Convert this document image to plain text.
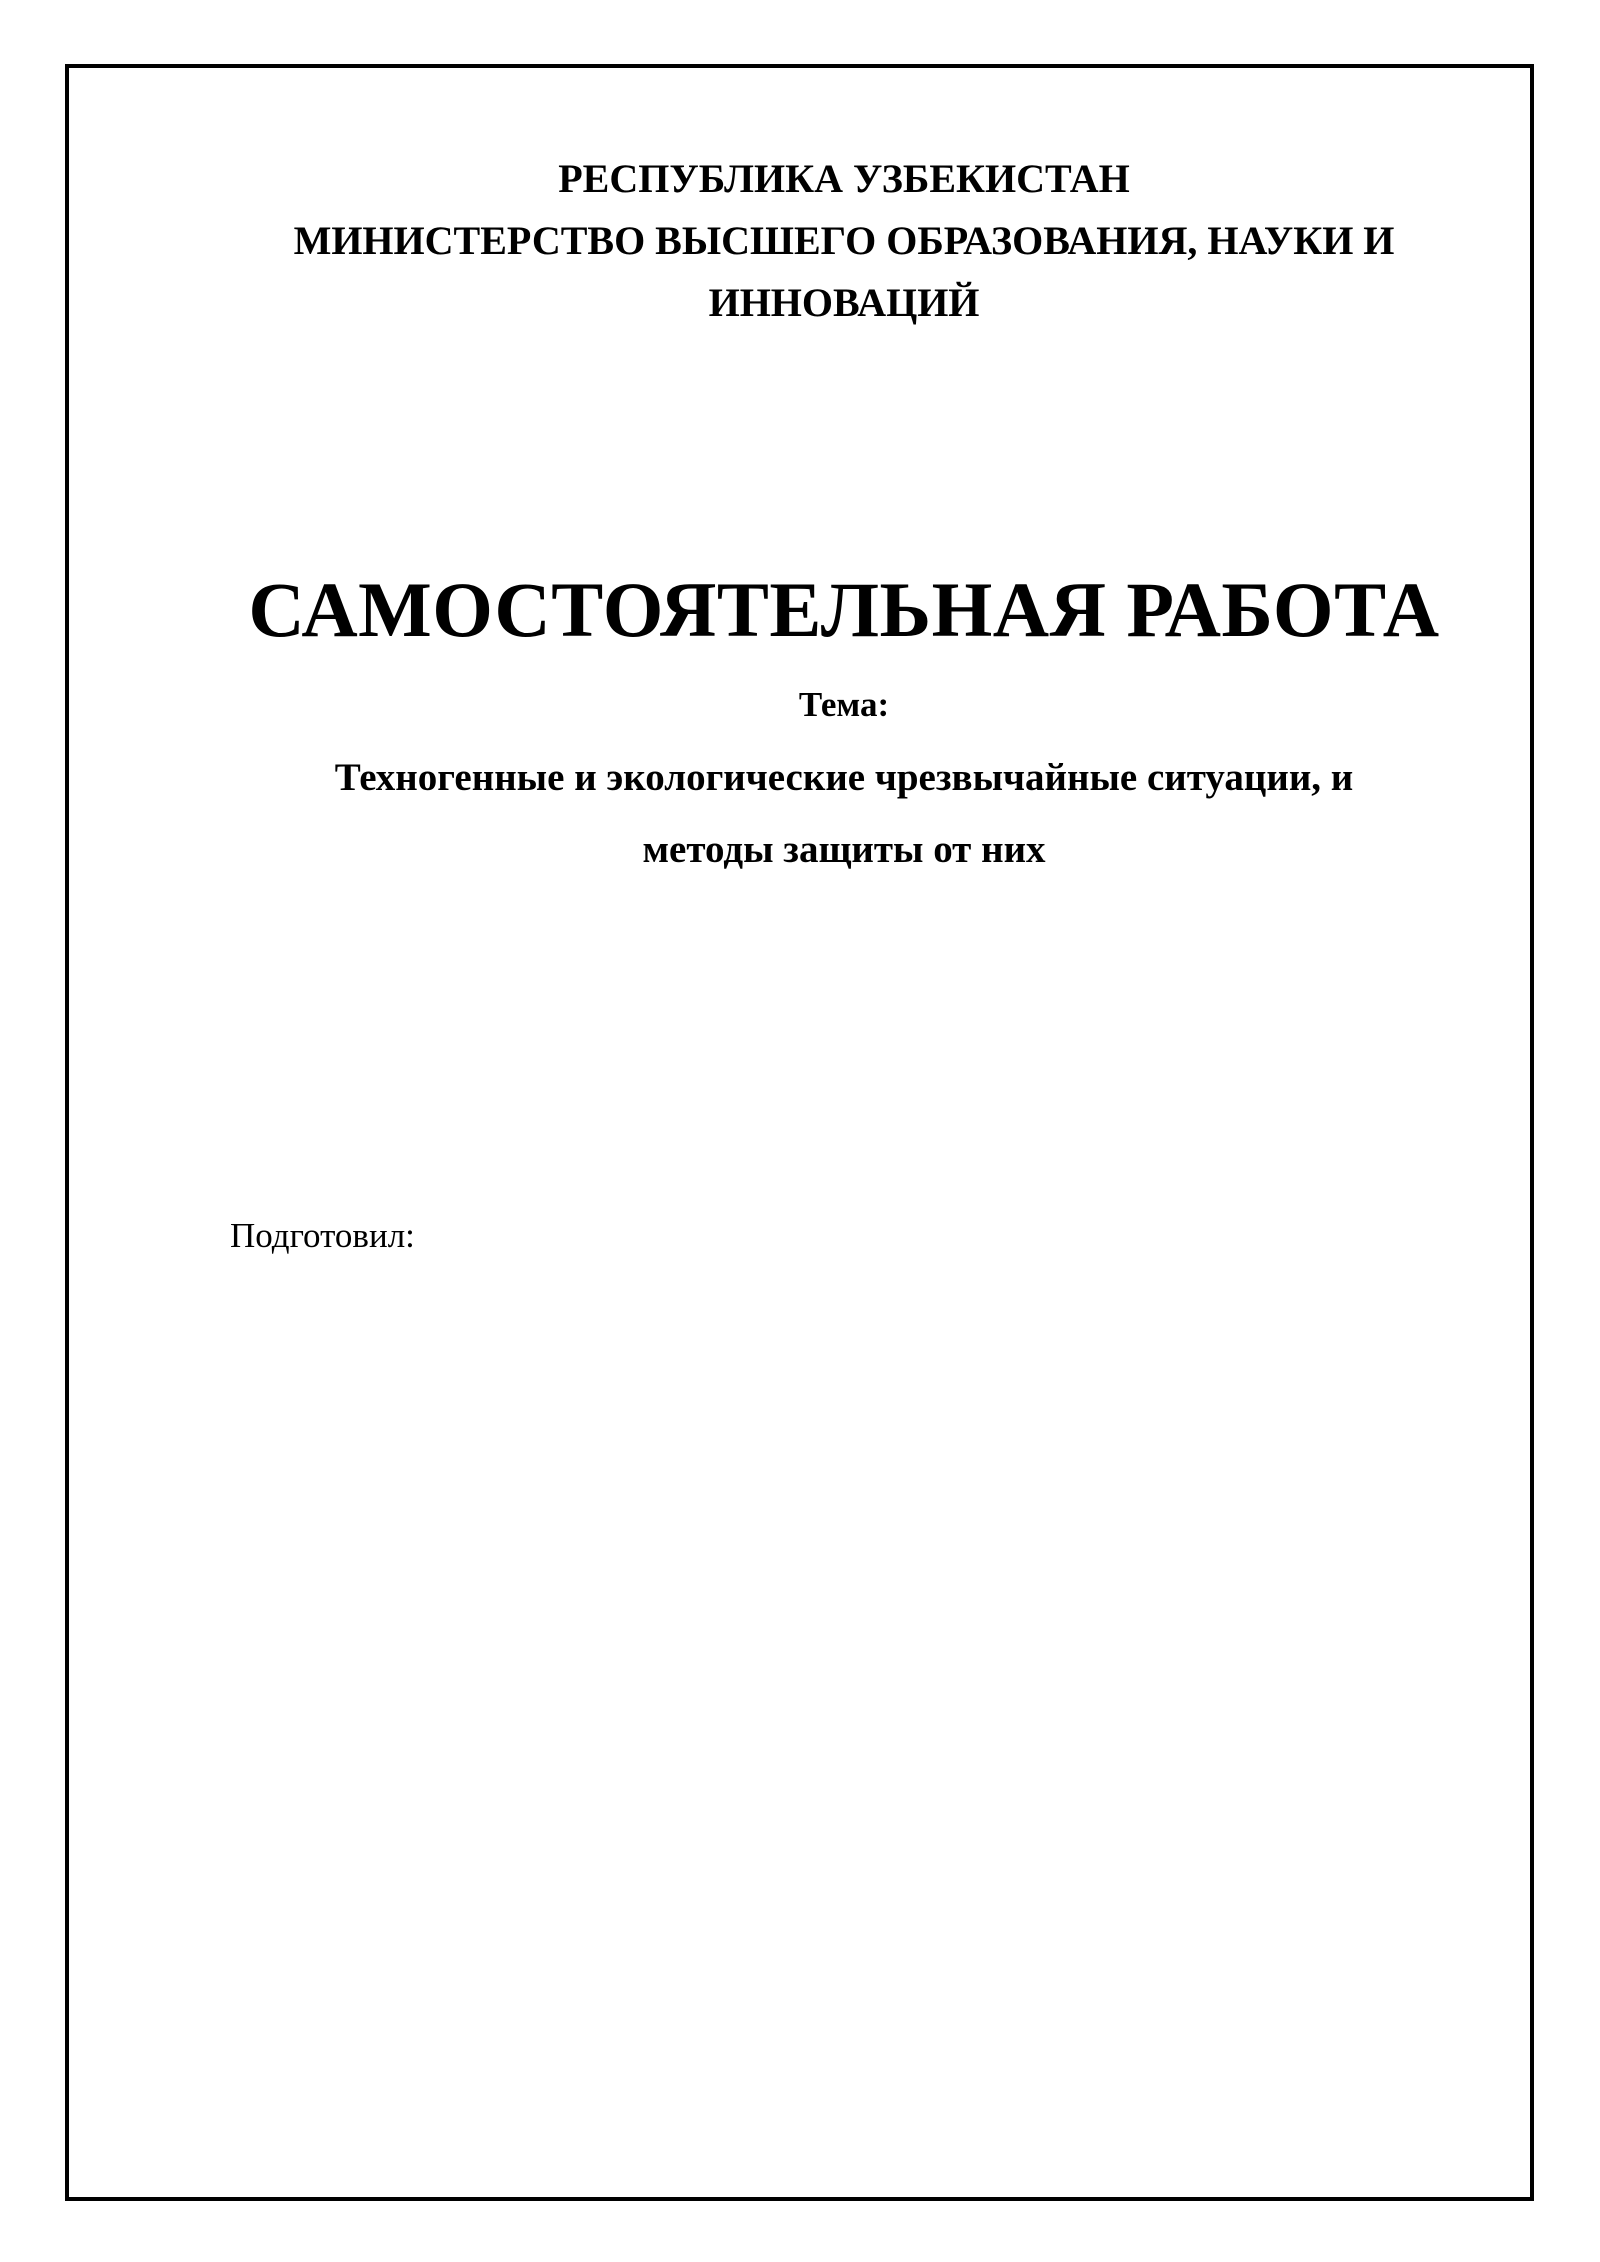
РЕСПУБЛИКА УЗБЕКИСТАН
МИНИСТЕРСТВО ВЫСШЕГО ОБРАЗОВАНИЯ, НАУКИ И
ИННОВАЦИЙ
САМОСТОЯТЕЛЬНАЯ РАБОТА
Тема:
Техногенные и экологические чрезвычайные ситуации, и
методы защиты от них
Подготовил:
